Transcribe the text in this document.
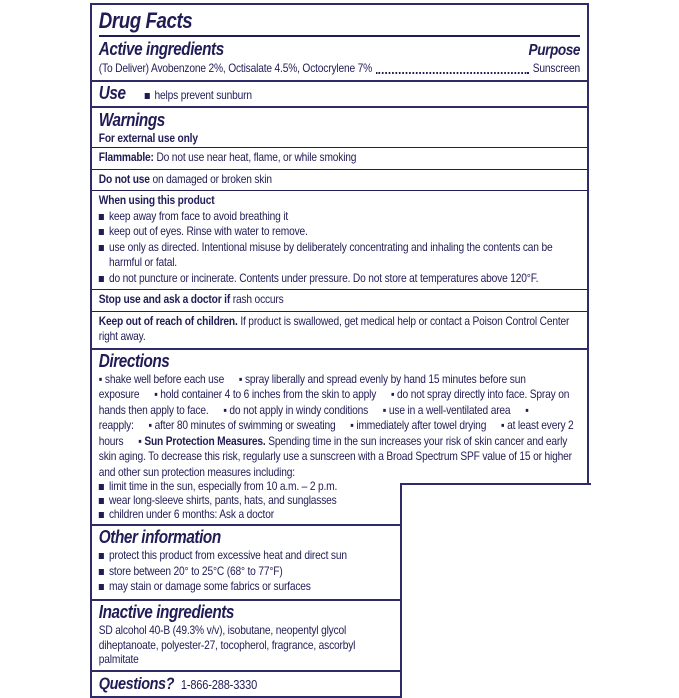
Drug Facts
Active ingredients	Purpose
(To Deliver) Avobenzone 2%, Octisalate 4.5%, Octocrylene 7%	Sunscreen
Use helps prevent sunburn
Warnings
For external use only
Flammable: Do not use near heat, flame, or while smoking
Do not use on damaged or broken skin
When using this product
keep away from face to avoid breathing it
keep out of eyes. Rinse with water to remove.
use only as directed. Intentional misuse by deliberately concentrating and inhaling the contents can be harmful or fatal.
do not puncture or incinerate. Contents under pressure. Do not store at temperatures above 120°F.
Stop use and ask a doctor if rash occurs
Keep out of reach of children. If product is swallowed, get medical help or contact a Poison Control Center right away.
Directions
▪ shake well before each use   ▪ spray liberally and spread evenly by hand 15 minutes before sun exposure   ▪ hold container 4 to 6 inches from the skin to apply   ▪ do not spray directly into face. Spray on hands then apply to face.   ▪ do not apply in windy conditions   ▪ use in a well-ventilated area   ▪ reapply:   ▪ after 80 minutes of swimming or sweating   ▪ immediately after towel drying   ▪ at least every 2 hours   ▪ Sun Protection Measures. Spending time in the sun increases your risk of skin cancer and early skin aging. To decrease this risk, regularly use a sunscreen with a Broad Spectrum SPF value of 15 or higher and other sun protection measures including:
limit time in the sun, especially from 10 a.m. – 2 p.m.
wear long-sleeve shirts, pants, hats, and sunglasses
children under 6 months: Ask a doctor
Other information
protect this product from excessive heat and direct sun
store between 20° to 25°C (68° to 77°F)
may stain or damage some fabrics or surfaces
Inactive ingredients
SD alcohol 40-B (49.3% v/v), isobutane, neopentyl glycol diheptanoate, polyester-27, tocopherol, fragrance, ascorbyl palmitate
Questions? 1-866-288-3330
